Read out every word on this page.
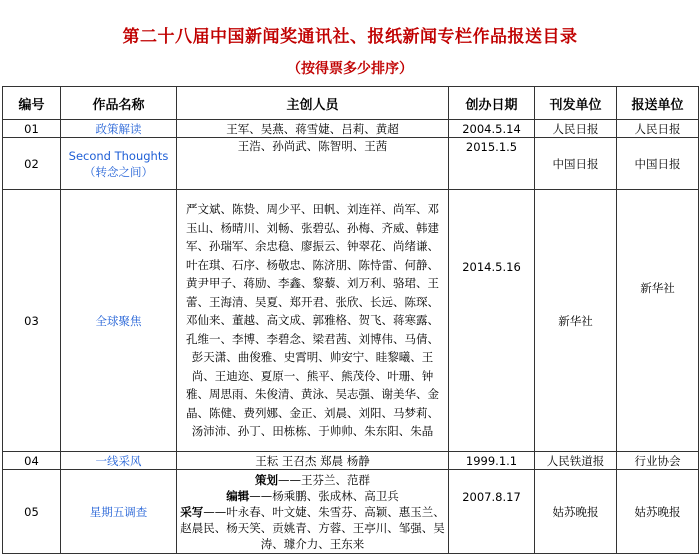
第二十八届中国新闻奖通讯社、报纸新闻专栏作品报送目录
（按得票多少排序）
编号	作品名称	主创人员	创办日期	刊发单位	报送单位
01	政策解读	王军、吴燕、蒋雪婕、吕莉、黄超	2004.5.14	人民日报	人民日报
02	Second Thoughts（转念之间）	王浩、孙尚武、陈智明、王茜	2015.1.5	中国日报	中国日报
03	全球聚焦	严文斌、陈贽、周少平、田帆、刘连祥、尚军、邓玉山、杨晴川、刘畅、张碧弘、孙梅、齐威、韩建军、孙瑞军、余忠稳、廖振云、钟翠花、尚绪谦、叶在琪、石序、杨敬忠、陈济朋、陈恃雷、何静、黄尹甲子、蒋励、李鑫、黎藜、刘万利、骆珺、王蕾、王海清、吴夏、郑开君、张欣、长远、陈琛、邓仙来、董越、高文成、郭雅格、贺飞、蒋寒露、孔维一、李博、李碧念、梁君茜、刘博伟、马倩、彭天潇、曲俊雅、史霄明、帅安宁、眭黎曦、王尚、王迪迩、夏原一、熊平、熊茂伶、叶珊、钟雅、周思雨、朱俊清、黄泳、吴志强、谢美华、金晶、陈健、费列娜、金正、刘晨、刘阳、马梦莉、汤沛沛、孙丁、田栋栋、于帅帅、朱东阳、朱晶	2014.5.16	新华社	新华社
04	一线采风	王耘 王召杰 郑晨 杨静	1999.1.1	人民铁道报	行业协会
05	星期五调查	策划——王芬兰、范群
编辑——杨乘鹏、张成林、高卫兵
采写——叶永春、叶文婕、朱雪芬、高颖、惠玉兰、赵晨民、杨天笑、贡姚青、方蓉、王亭川、邹强、吴涛、璩介力、王东来	2007.8.17	姑苏晚报	姑苏晚报
